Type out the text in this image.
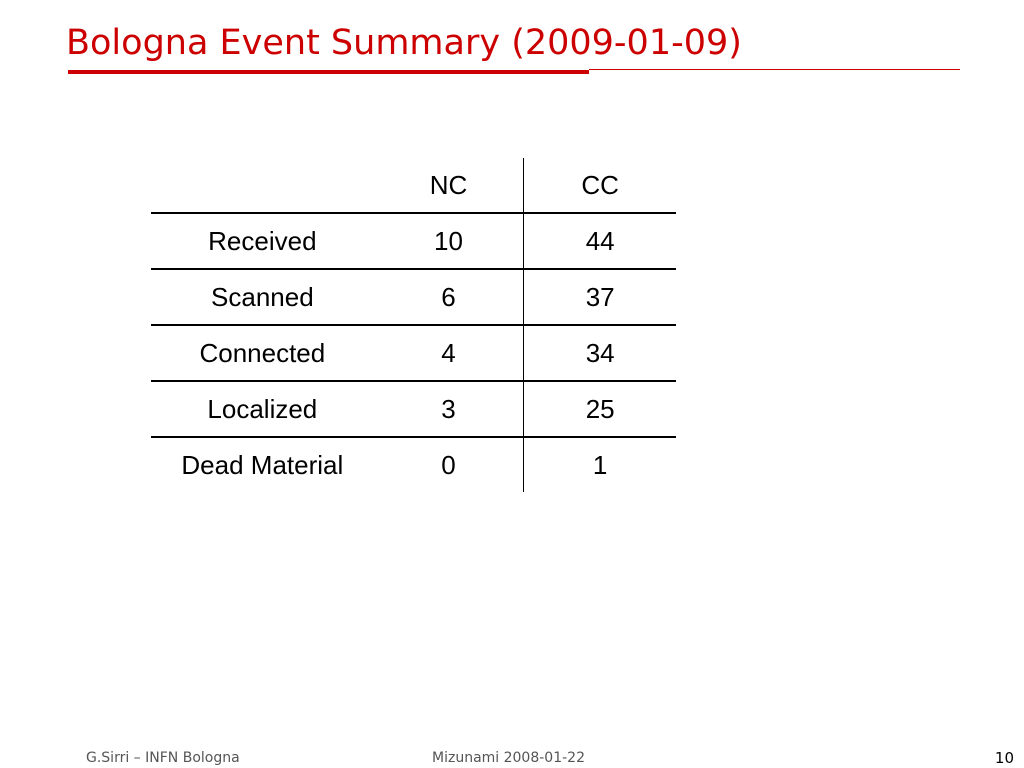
Bologna Event Summary (2009-01-09)
	NC	CC
Received	10	44
Scanned	6	37
Connected	4	34
Localized	3	25
Dead Material	0	1
G.Sirri – INFN Bologna	Mizunami 2008-01-22	10
